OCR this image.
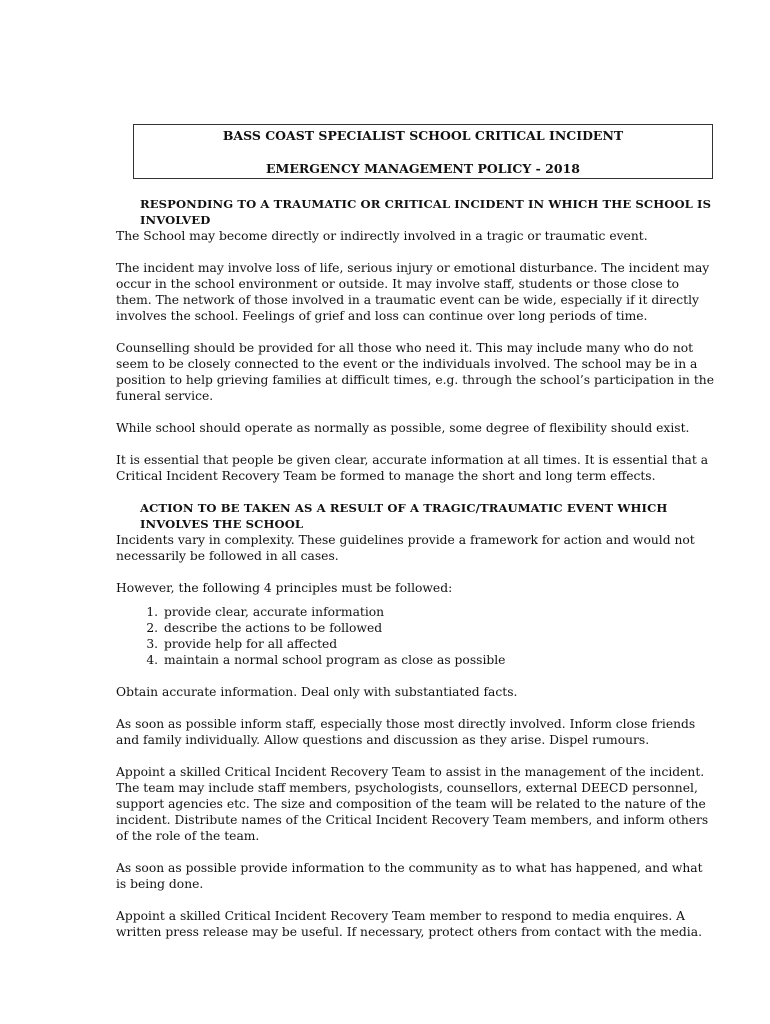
BASS COAST SPECIALIST SCHOOL CRITICAL INCIDENT
EMERGENCY MANAGEMENT POLICY - 2018
RESPONDING TO A TRAUMATIC OR CRITICAL INCIDENT IN WHICH THE SCHOOL IS INVOLVED

The School may become directly or indirectly involved in a tragic or traumatic event.

The incident may involve loss of life, serious injury or emotional disturbance. The incident may occur in the school environment or outside. It may involve staff, students or those close to them. The network of those involved in a traumatic event can be wide, especially if it directly involves the school. Feelings of grief and loss can continue over long periods of time.

Counselling should be provided for all those who need it. This may include many who do not seem to be closely connected to the event or the individuals involved. The school may be in a position to help grieving families at difficult times, e.g. through the school’s participation in the funeral service.

While school should operate as normally as possible, some degree of flexibility should exist.

It is essential that people be given clear, accurate information at all times. It is essential that a Critical Incident Recovery Team be formed to manage the short and long term effects.

ACTION TO BE TAKEN AS A RESULT OF A TRAGIC/TRAUMATIC EVENT WHICH INVOLVES THE SCHOOL

Incidents vary in complexity. These guidelines provide a framework for action and would not necessarily be followed in all cases.

However, the following 4 principles must be followed:

1. provide clear, accurate information
2. describe the actions to be followed
3. provide help for all affected
4. maintain a normal school program as close as possible

Obtain accurate information. Deal only with substantiated facts.

As soon as possible inform staff, especially those most directly involved. Inform close friends and family individually. Allow questions and discussion as they arise. Dispel rumours.

Appoint a skilled Critical Incident Recovery Team to assist in the management of the incident. The team may include staff members, psychologists, counsellors, external DEECD personnel, support agencies etc. The size and composition of the team will be related to the nature of the incident. Distribute names of the Critical Incident Recovery Team members, and inform others of the role of the team.

As soon as possible provide information to the community as to what has happened, and what is being done.

Appoint a skilled Critical Incident Recovery Team member to respond to media enquires. A written press release may be useful. If necessary, protect others from contact with the media.
